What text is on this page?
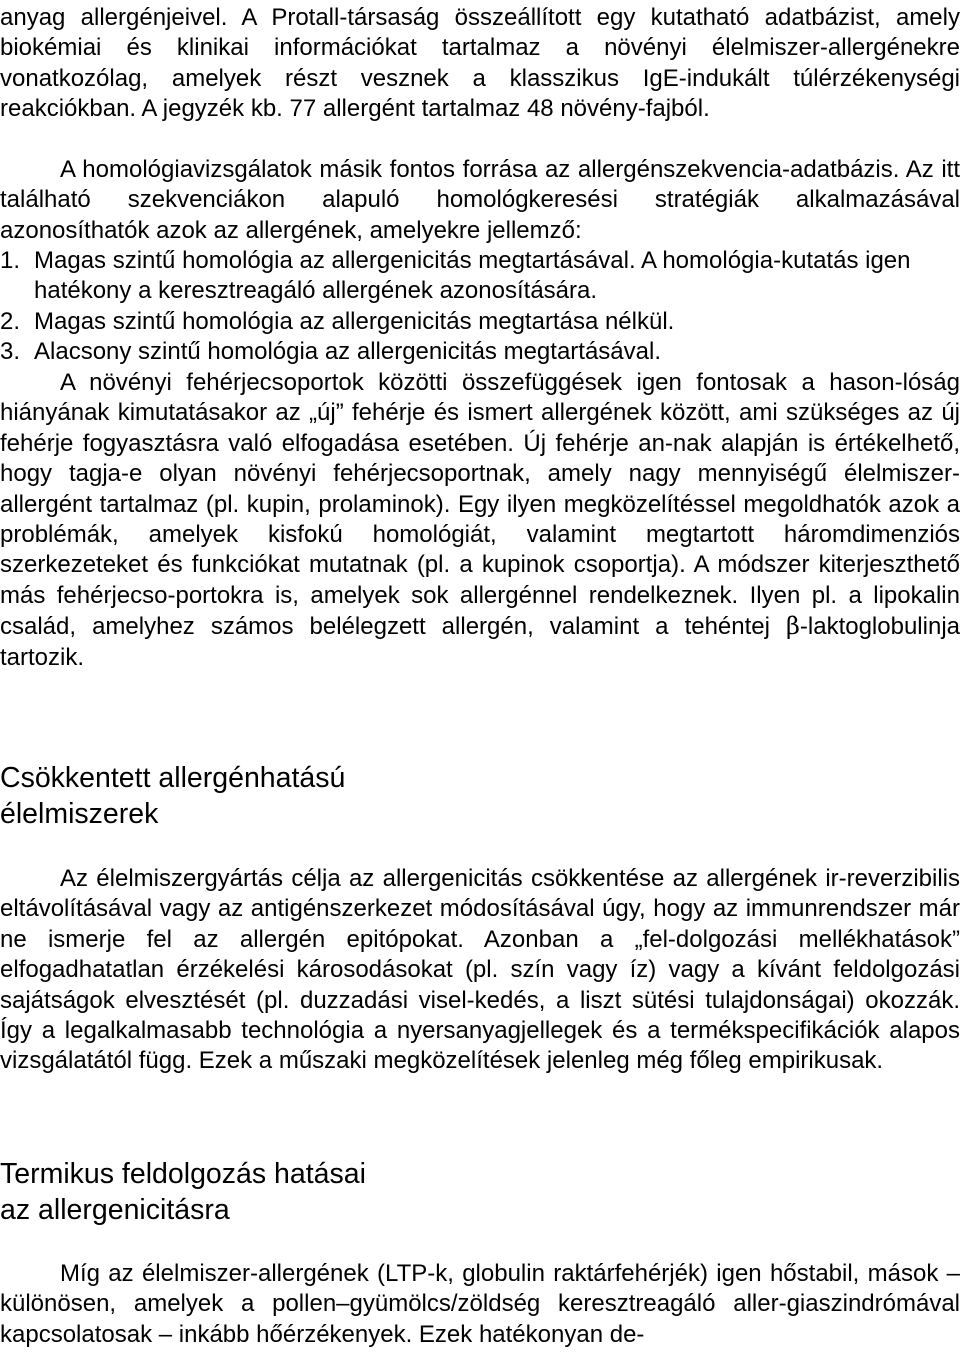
anyag allergénjeivel. A Protall-társaság összeállított egy kutatható adatbázist, amely biokémiai és klinikai információkat tartalmaz a növényi élelmiszer-allergénekre vonatkozólag, amelyek részt vesznek a klasszikus IgE-indukált túlérzékenységi reakciókban. A jegyzék kb. 77 allergént tartalmaz 48 növény-fajból.

A homológiavizsgálatok másik fontos forrása az allergénszekvencia-adatbázis. Az itt található szekvenciákon alapuló homológkeresési stratégiák alkalmazásával azonosíthatók azok az allergének, amelyekre jellemző:

1. Magas szintű homológia az allergenicitás megtartásával. A homológia-kutatás igen hatékony a keresztreagáló allergének azonosítására.
2. Magas szintű homológia az allergenicitás megtartása nélkül.
3. Alacsony szintű homológia az allergenicitás megtartásával.

A növényi fehérjecsoportok közötti összefüggések igen fontosak a hason-lóság hiányának kimutatásakor az „új” fehérje és ismert allergének között, ami szükséges az új fehérje fogyasztásra való elfogadása esetében. Új fehérje an-nak alapján is értékelhető, hogy tagja-e olyan növényi fehérjecsoportnak, amely nagy mennyiségű élelmiszer-allergént tartalmaz (pl. kupin, prolaminok). Egy ilyen megközelítéssel megoldhatók azok a problémák, amelyek kisfokú homológiát, valamint megtartott háromdimenziós szerkezeteket és funkciókat mutatnak (pl. a kupinok csoportja). A módszer kiterjeszthető más fehérjecso-portokra is, amelyek sok allergénnel rendelkeznek. Ilyen pl. a lipokalin család, amelyhez számos belélegzett allergén, valamint a tehéntej β-laktoglobulinja tartozik.

Csökkentett allergénhatású
élelmiszerek

Az élelmiszergyártás célja az allergenicitás csökkentése az allergének ir-reverzibilis eltávolításával vagy az antigénszerkezet módosításával úgy, hogy az immunrendszer már ne ismerje fel az allergén epitópokat. Azonban a „fel-dolgozási mellékhatások” elfogadhatatlan érzékelési károsodásokat (pl. szín vagy íz) vagy a kívánt feldolgozási sajátságok elvesztését (pl. duzzadási visel-kedés, a liszt sütési tulajdonságai) okozzák. Így a legalkalmasabb technológia a nyersanyagjellegek és a termékspecifikációk alapos vizsgálatától függ. Ezek a műszaki megközelítések jelenleg még főleg empirikusak.

Termikus feldolgozás hatásai
az allergenicitásra

Míg az élelmiszer-allergének (LTP-k, globulin raktárfehérjék) igen hőstabil, mások – különösen, amelyek a pollen–gyümölcs/zöldség keresztreagáló aller-giaszindrómával kapcsolatosak – inkább hőérzékenyek. Ezek hatékonyan de-
